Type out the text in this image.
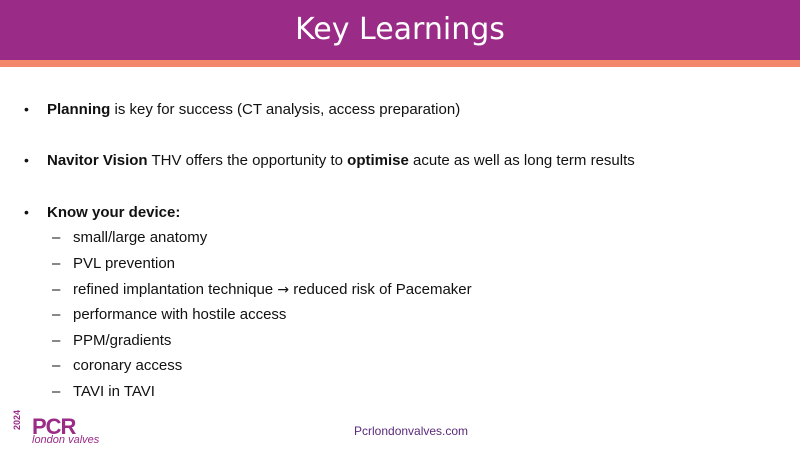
Key Learnings
• Planning is key for success (CT analysis, access preparation)
• Navitor Vision THV offers the opportunity to optimise acute as well as long term results
• Know your device:
– small/large anatomy
– PVL prevention
– refined implantation technique → reduced risk of Pacemaker
– performance with hostile access
– PPM/gradients
– coronary access
– TAVI in TAVI
2024 PCR
london valves
Pcrlondonvalves.com
